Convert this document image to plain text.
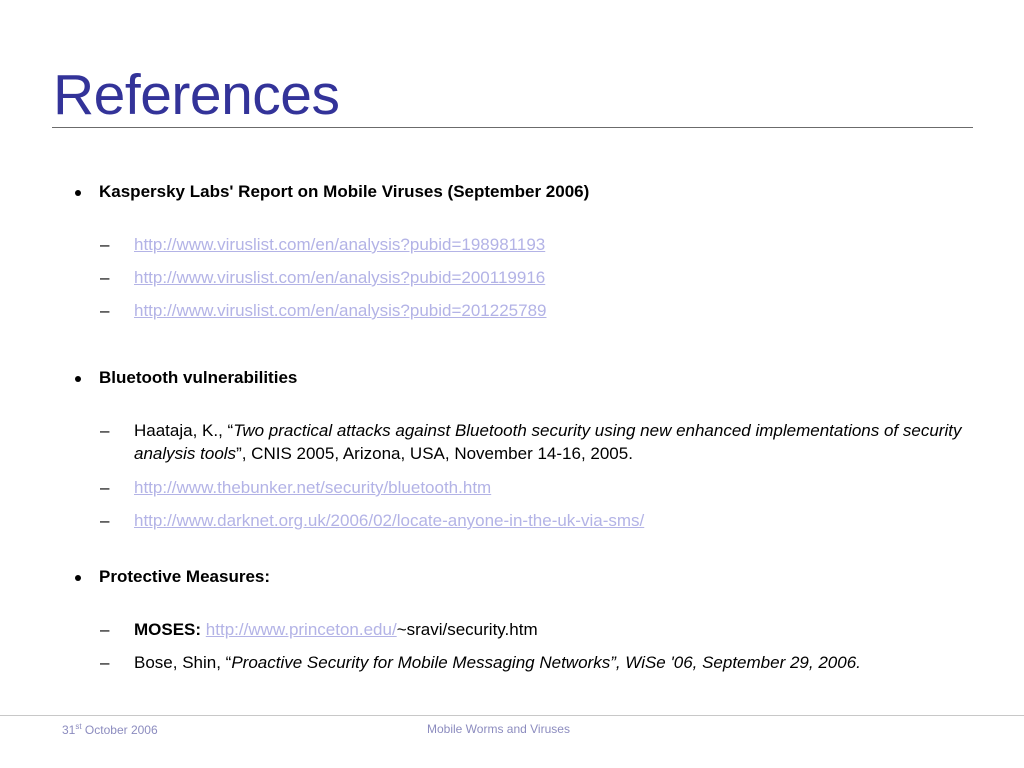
References
Kaspersky Labs' Report on Mobile Viruses (September 2006)
– http://www.viruslist.com/en/analysis?pubid=198981193
– http://www.viruslist.com/en/analysis?pubid=200119916
– http://www.viruslist.com/en/analysis?pubid=201225789
Bluetooth vulnerabilities
– Haataja, K., “Two practical attacks against Bluetooth security using new enhanced implementations of security analysis tools”, CNIS 2005, Arizona, USA, November 14-16, 2005.
– http://www.thebunker.net/security/bluetooth.htm
– http://www.darknet.org.uk/2006/02/locate-anyone-in-the-uk-via-sms/
Protective Measures:
– MOSES: http://www.princeton.edu/~sravi/security.htm
– Bose, Shin, “Proactive Security for Mobile Messaging Networks”, WiSe '06, September 29, 2006.
31st October 2006	Mobile Worms and Viruses
